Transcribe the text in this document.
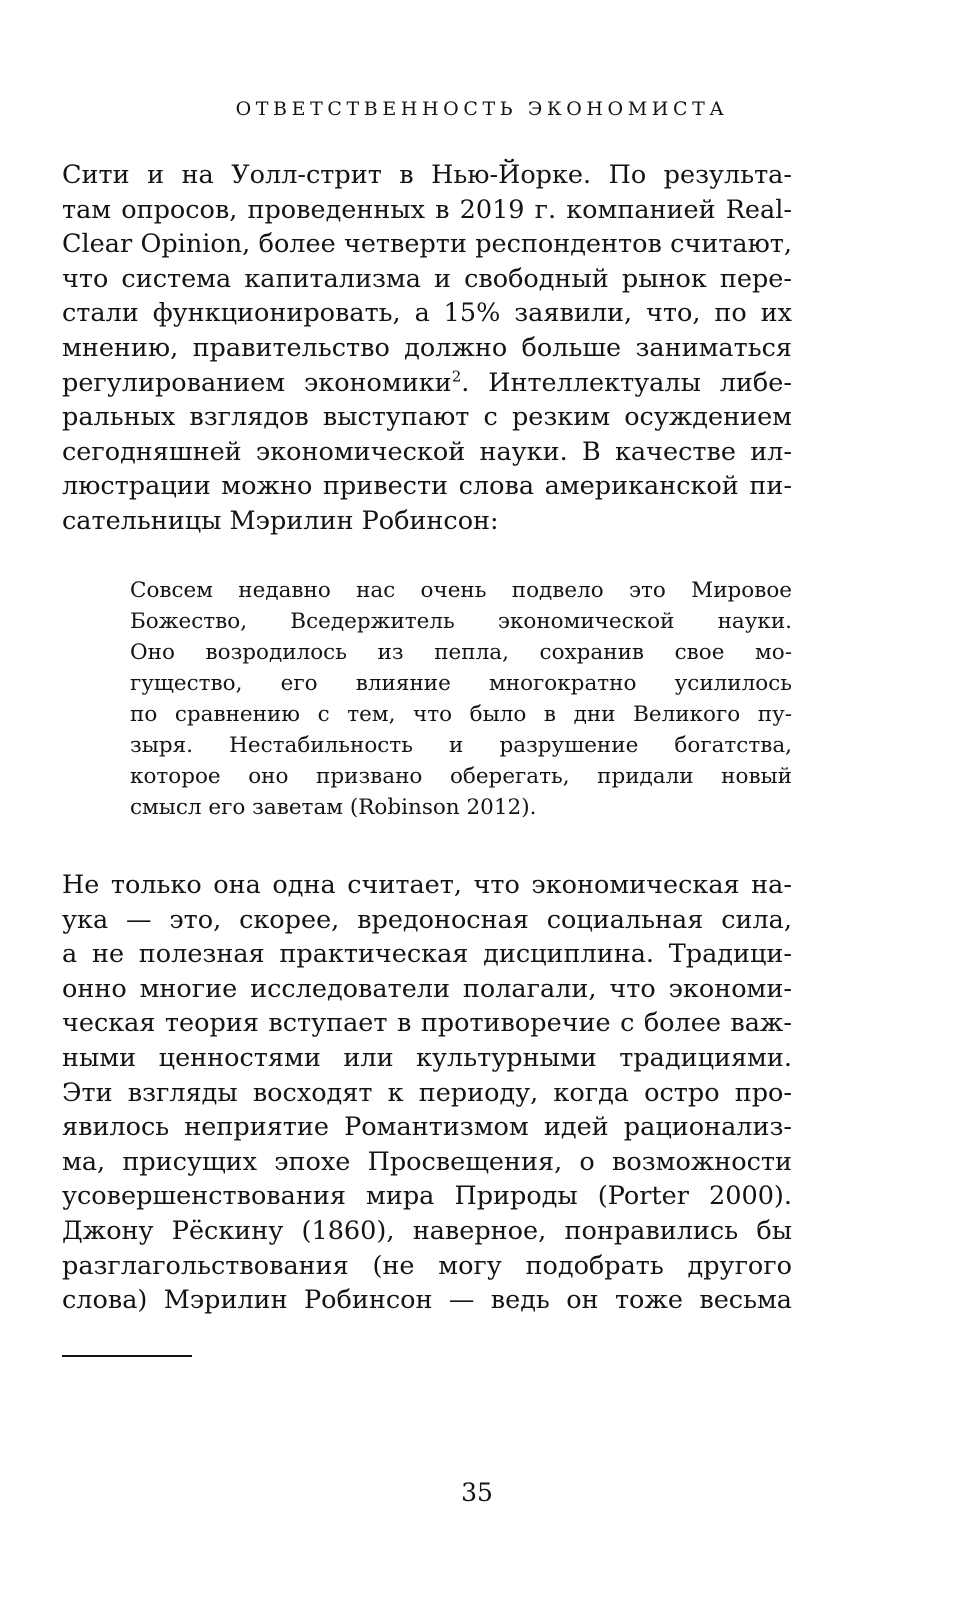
ОТВЕТСТВЕННОСТЬ ЭКОНОМИСТА
Сити и на Уолл-стрит в Нью-Йорке. По результа-
там опросов, проведенных в 2019 г. компанией Real-
Clear Opinion, более четверти респондентов считают,
что система капитализма и свободный рынок пере-
стали функционировать, а 15% заявили, что, по их
мнению, правительство должно больше заниматься
регулированием экономики$^2$. Интеллектуалы либе-
ральных взглядов выступают с резким осуждением
сегодняшней экономической науки. В качестве ил-
люстрации можно привести слова американской пи-
сательницы Мэрилин Робинсон:
Совсем недавно нас очень подвело это Мировое
Божество, Вседержитель экономической науки.
Оно возродилось из пепла, сохранив свое мо-
гущество, его влияние многократно усилилось
по сравнению с тем, что было в дни Великого пу-
зыря. Нестабильность и разрушение богатства,
которое оно призвано оберегать, придали новый
смысл его заветам (Robinson 2012).
Не только она одна считает, что экономическая на-
ука — это, скорее, вредоносная социальная сила,
а не полезная практическая дисциплина. Традици-
онно многие исследователи полагали, что экономи-
ческая теория вступает в противоречие с более важ-
ными ценностями или культурными традициями.
Эти взгляды восходят к периоду, когда остро про-
явилось неприятие Романтизмом идей рационализ-
ма, присущих эпохе Просвещения, о возможности
усовершенствования мира Природы (Porter 2000).
Джону Рёскину (1860), наверное, понравились бы
разглагольствования (не могу подобрать другого
слова) Мэрилин Робинсон — ведь он тоже весьма
35
